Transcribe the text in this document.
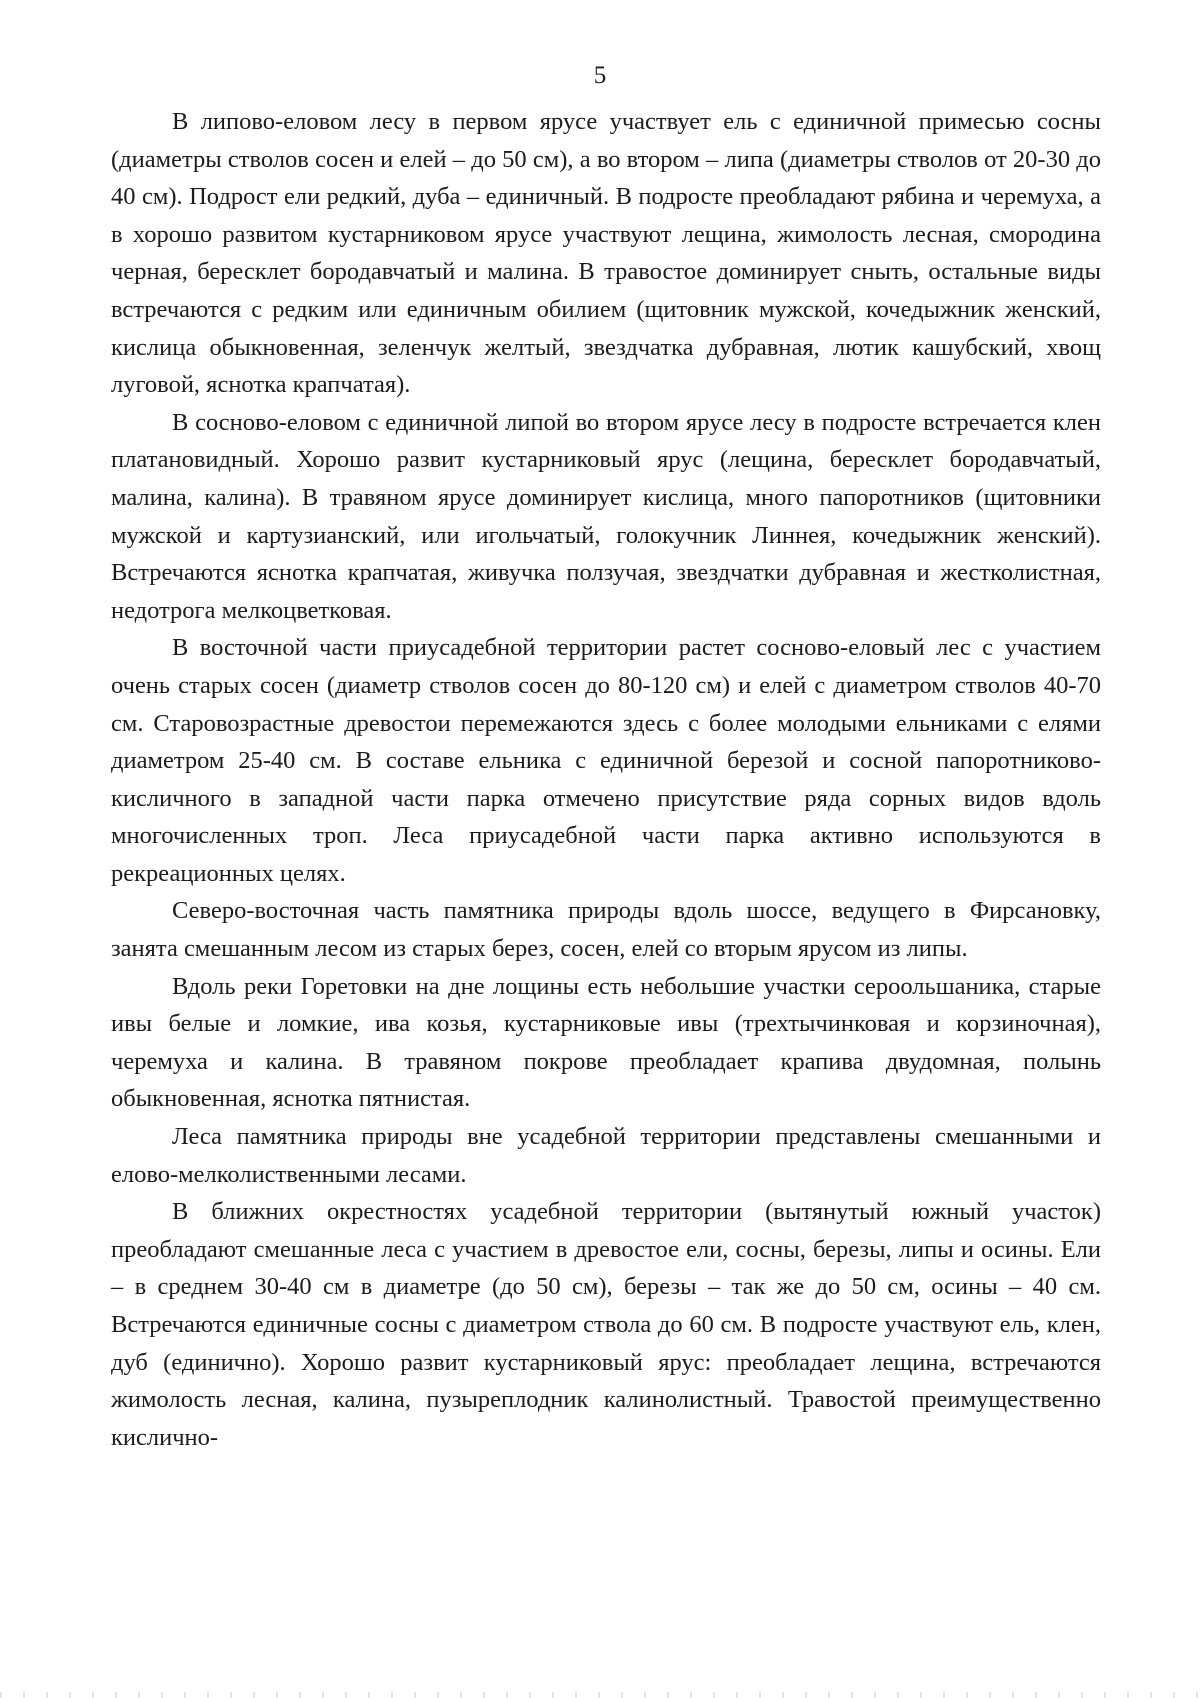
5

В липово-еловом лесу в первом ярусе участвует ель с единичной примесью сосны (диаметры стволов сосен и елей – до 50 см), а во втором – липа (диаметры стволов от 20-30 до 40 см). Подрост ели редкий, дуба – единичный. В подросте преобладают рябина и черемуха, а в хорошо развитом кустарниковом ярусе участвуют лещина, жимолость лесная, смородина черная, бересклет бородавчатый и малина. В травостое доминирует сныть, остальные виды встречаются с редким или единичным обилием (щитовник мужской, кочедыжник женский, кислица обыкновенная, зеленчук желтый, звездчатка дубравная, лютик кашубский, хвощ луговой, яснотка крапчатая).

В сосново-еловом с единичной липой во втором ярусе лесу в подросте встречается клен платановидный. Хорошо развит кустарниковый ярус (лещина, бересклет бородавчатый, малина, калина). В травяном ярусе доминирует кислица, много папоротников (щитовники мужской и картузианский, или игольчатый, голокучник Линнея, кочедыжник женский). Встречаются яснотка крапчатая, живучка ползучая, звездчатки дубравная и жестколистная, недотрога мелкоцветковая.

В восточной части приусадебной территории растет сосново-еловый лес с участием очень старых сосен (диаметр стволов сосен до 80-120 см) и елей с диаметром стволов 40-70 см. Старовозрастные древостои перемежаются здесь с более молодыми ельниками с елями диаметром 25-40 см. В составе ельника с единичной березой и сосной папоротниково-кисличного в западной части парка отмечено присутствие ряда сорных видов вдоль многочисленных троп. Леса приусадебной части парка активно используются в рекреационных целях.

Северо-восточная часть памятника природы вдоль шоссе, ведущего в Фирсановку, занята смешанным лесом из старых берез, сосен, елей со вторым ярусом из липы.

Вдоль реки Горетовки на дне лощины есть небольшие участки сероольшаника, старые ивы белые и ломкие, ива козья, кустарниковые ивы (трехтычинковая и корзиночная), черемуха и калина. В травяном покрове преобладает крапива двудомная, полынь обыкновенная, яснотка пятнистая.

Леса памятника природы вне усадебной территории представлены смешанными и елово-мелколиственными лесами.

В ближних окрестностях усадебной территории (вытянутый южный участок) преобладают смешанные леса с участием в древостое ели, сосны, березы, липы и осины. Ели – в среднем 30-40 см в диаметре (до 50 см), березы – так же до 50 см, осины – 40 см. Встречаются единичные сосны с диаметром ствола до 60 см. В подросте участвуют ель, клен, дуб (единично). Хорошо развит кустарниковый ярус: преобладает лещина, встречаются жимолость лесная, калина, пузыреплодник калинолистный. Травостой преимущественно кислично-
